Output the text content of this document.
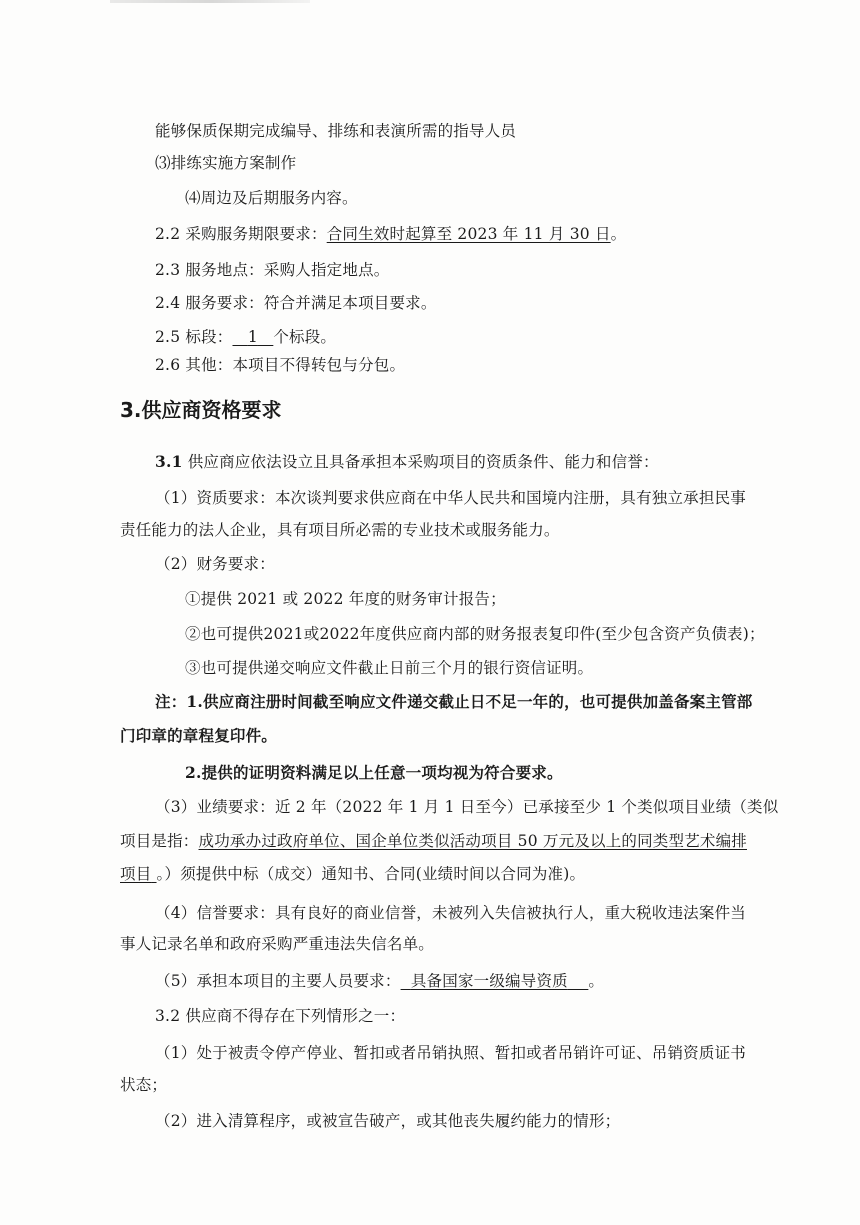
能够保质保期完成编导、排练和表演所需的指导人员
⑶排练实施方案制作
⑷周边及后期服务内容。
2.2 采购服务期限要求：合同生效时起算至 2023 年 11 月 30 日。
2.3 服务地点：采购人指定地点。
2.4 服务要求：符合并满足本项目要求。
2.5 标段： 1 个标段。
2.6 其他：本项目不得转包与分包。
3.供应商资格要求
3.1 供应商应依法设立且具备承担本采购项目的资质条件、能力和信誉：
（1）资质要求：本次谈判要求供应商在中华人民共和国境内注册，具有独立承担民事
责任能力的法人企业，具有项目所必需的专业技术或服务能力。
（2）财务要求：
①提供 2021 或 2022 年度的财务审计报告；
②也可提供2021或2022年度供应商内部的财务报表复印件(至少包含资产负债表)；
③也可提供递交响应文件截止日前三个月的银行资信证明。
注：1.供应商注册时间截至响应文件递交截止日不足一年的，也可提供加盖备案主管部
门印章的章程复印件。
2.提供的证明资料满足以上任意一项均视为符合要求。
（3）业绩要求：近 2 年（2022 年 1 月 1 日至今）已承接至少 1 个类似项目业绩（类似
项目是指：成功承办过政府单位、国企单位类似活动项目 50 万元及以上的同类型艺术编排
项目 。）须提供中标（成交）通知书、合同(业绩时间以合同为准)。
（4）信誉要求：具有良好的商业信誉，未被列入失信被执行人，重大税收违法案件当
事人记录名单和政府采购严重违法失信名单。
（5）承担本项目的主要人员要求： 具备国家一级编导资质 。
3.2 供应商不得存在下列情形之一：
（1）处于被责令停产停业、暂扣或者吊销执照、暂扣或者吊销许可证、吊销资质证书
状态；
（2）进入清算程序，或被宣告破产，或其他丧失履约能力的情形；
